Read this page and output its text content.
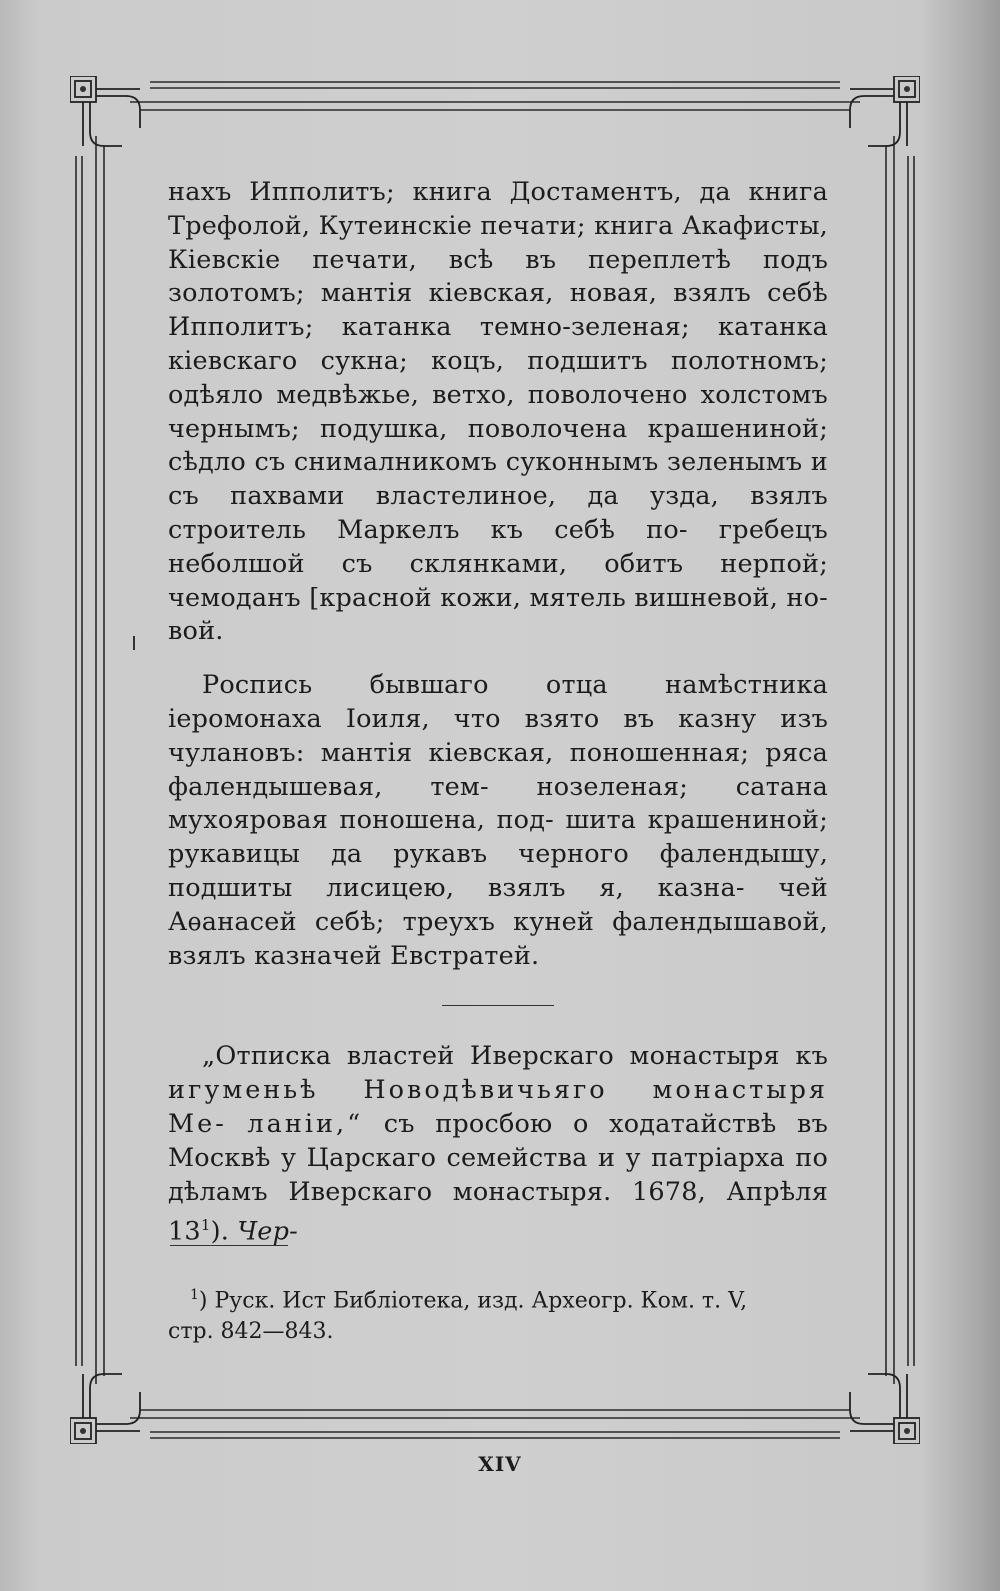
нахъ Ипполитъ; книга Достаментъ, да книга Трефолой, Кутеинскіе печати; книга Акафисты, Кіевскіе печати, всѣ въ переплетѣ подъ золотомъ; мантія кіевская, новая, взялъ себѣ Ипполитъ; катанка темно-зеленая; катанка кіевскаго сукна; коцъ, подшитъ полотномъ; одѣяло медвѣжье, ветхо, поволочено холстомъ чернымъ; подушка, поволочена крашениной; сѣдло съ снималникомъ суконнымъ зеленымъ и съ пахвами властелиное, да узда, взялъ строитель Маркелъ къ себѣ по- гребецъ неболшой съ склянками, обитъ нерпой; чемоданъ [красной кожи, мятель вишневой, но- вой.

Роспись бывшаго отца намѣстника іеромонаха Іоиля, что взято въ казну изъ чулановъ: мантія кіевская, поношенная; ряса фалендышевая, тем- нозеленая; сатана мухояровая поношена, под- шита крашениной; рукавицы да рукавъ черного фалендышу, подшиты лисицею, взялъ я, казна- чей Аѳанасей себѣ; треухъ куней фалендышавой, взялъ казначей Евстратей.

„Отписка властей Иверскаго монастыря къ игуменьѣ Новодѣвичьяго монастыря Ме- ланіи,“ съ просбою о ходатайствѣ въ Москвѣ у Царскаго семейства и у патріарха по дѣламъ Иверскаго монастыря. 1678, Апрѣля $13^1$). Чер-

$^1$) Руск. Ист Библіотека, изд. Археогр. Ком. т. V,
стр. 842—843.
XIV
